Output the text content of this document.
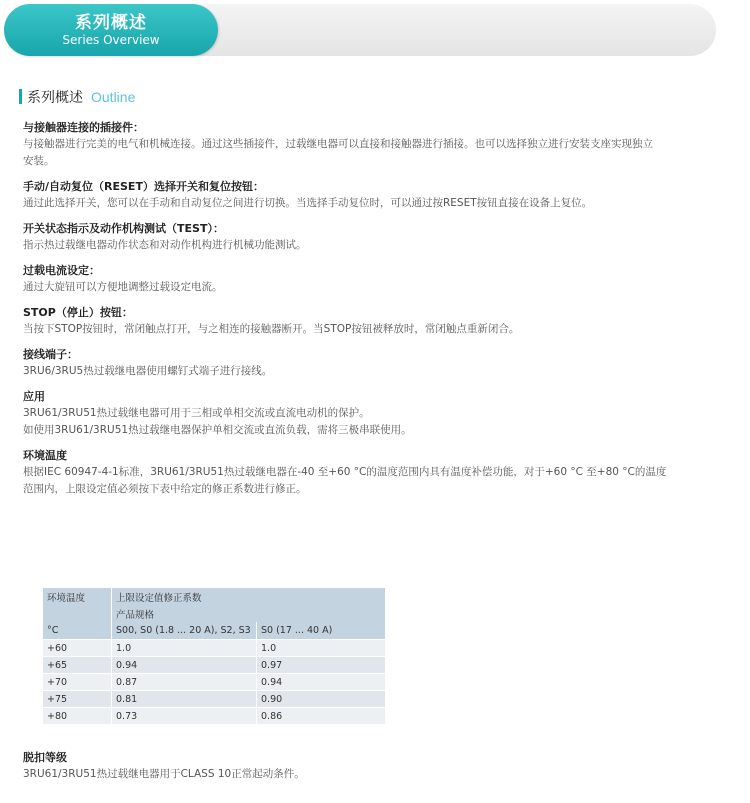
系列概述
Series Overview
系列概述 Outline

与接触器连接的插接件：

与接触器进行完美的电气和机械连接。通过这些插接件，过载继电器可以直接和接触器进行插接。也可以选择独立进行安装支座实现独立

安装。

手动/自动复位（RESET）选择开关和复位按钮：

通过此选择开关，您可以在手动和自动复位之间进行切换。当选择手动复位时，可以通过按RESET按钮直接在设备上复位。

开关状态指示及动作机构测试（TEST）：

指示热过载继电器动作状态和对动作机构进行机械功能测试。

过载电流设定：

通过大旋钮可以方便地调整过载设定电流。

STOP（停止）按钮：

当按下STOP按钮时，常闭触点打开，与之相连的接触器断开。当STOP按钮被释放时，常闭触点重新闭合。

接线端子：

3RU6/3RU5热过载继电器使用螺钉式端子进行接线。

应用

3RU61/3RU51热过载继电器可用于三相或单相交流或直流电动机的保护。

如使用3RU61/3RU51热过载继电器保护单相交流或直流负载，需将三极串联使用。

环境温度

根据IEC 60947-4-1标准，3RU61/3RU51热过载继电器在-40 至+60 °C的温度范围内具有温度补偿功能，对于+60 °C 至+80 °C的温度

范围内，上限设定值必须按下表中给定的修正系数进行修正。

环境温度	上限设定值修正系数	
	产品规格	
°C	S00, S0 (1.8 ... 20 A), S2, S3	S0 (17 ... 40 A)
+60	1.0	1.0
+65	0.94	0.97
+70	0.87	0.94
+75	0.81	0.90
+80	0.73	0.86

脱扣等级

3RU61/3RU51热过载继电器用于CLASS 10正常起动条件。
